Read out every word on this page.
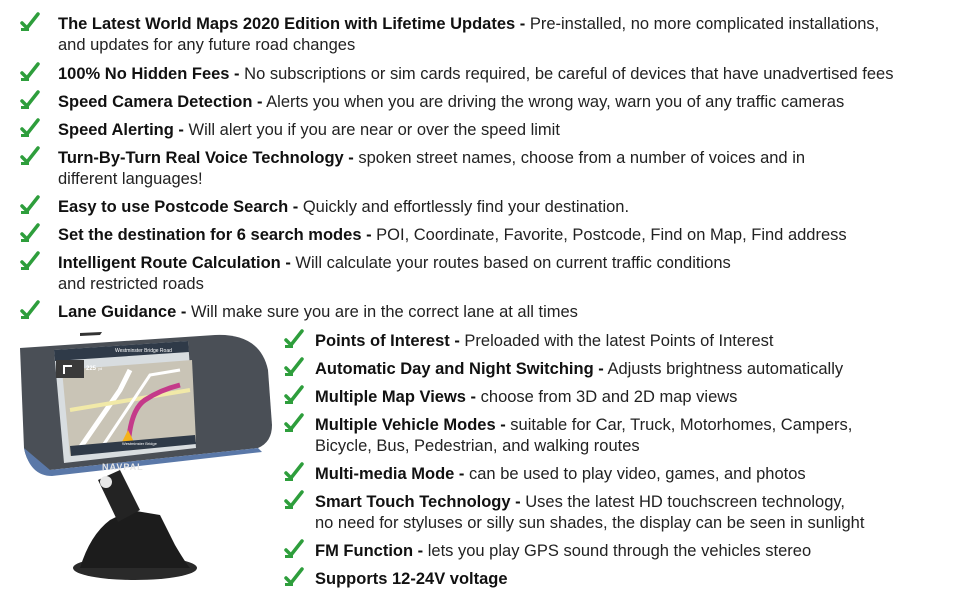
The Latest World Maps 2020 Edition with Lifetime Updates - Pre-installed, no more complicated installations,
and updates for any future road changes
100% No Hidden Fees - No subscriptions or sim cards required, be careful of devices that have unadvertised fees
Speed Camera Detection - Alerts you when you are driving the wrong way, warn you of any traffic cameras
Speed Alerting - Will alert you if you are near or over the speed limit
Turn-By-Turn Real Voice Technology - spoken street names, choose from a number of voices and in
different languages!
Easy to use Postcode Search - Quickly and effortlessly find your destination.
Set the destination for 6 search modes - POI, Coordinate, Favorite, Postcode, Find on Map, Find address
Intelligent Route Calculation - Will calculate your routes based on current traffic conditions
and restricted roads
Lane Guidance - Will make sure you are in the correct lane at all times
Points of Interest - Preloaded with the latest Points of Interest
Automatic Day and Night Switching - Adjusts brightness automatically
Multiple Map Views - choose from 3D and 2D map views
Multiple Vehicle Modes - suitable for Car, Truck, Motorhomes, Campers,
Bicycle, Bus, Pedestrian, and walking routes
Multi-media Mode - can be used to play video, games, and photos
Smart Touch Technology - Uses the latest HD touchscreen technology,
no need for styluses or silly sun shades, the display can be seen in sunlight
FM Function - lets you play GPS sound through the vehicles stereo
Supports 12-24V voltage
Westminster Bridge Road
225 yd
Westminster Bridge
NAVPAL
